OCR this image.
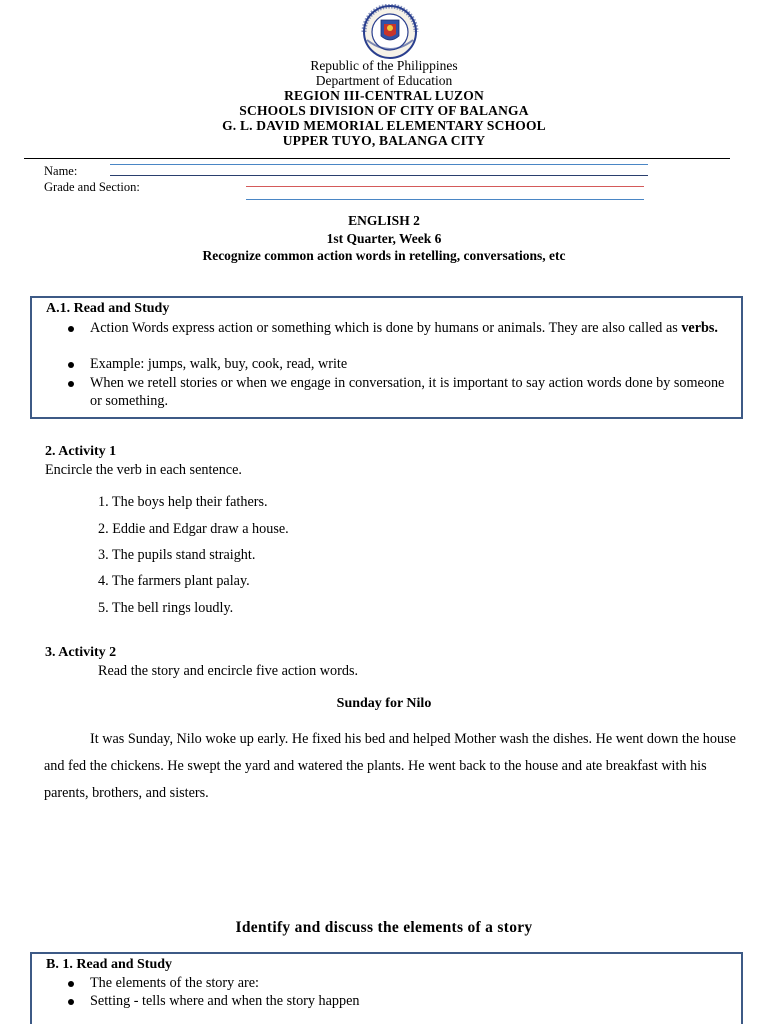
Republic of the Philippines
Department of Education
REGION III-CENTRAL LUZON
SCHOOLS DIVISION OF CITY OF BALANGA
G. L. DAVID MEMORIAL ELEMENTARY SCHOOL
UPPER TUYO, BALANGA CITY
Name:
Grade and Section:
ENGLISH 2
1st Quarter, Week 6
Recognize common action words in retelling, conversations, etc
A.1. Read and Study
Action Words express action or something which is done by humans or animals. They are also called as verbs.
Example: jumps, walk, buy, cook, read, write
When we retell stories or when we engage in conversation, it is important to say action words done by someone or something.
2. Activity 1
Encircle the verb in each sentence.
1. The boys help their fathers.
2. Eddie and Edgar draw a house.
3. The pupils stand straight.
4. The farmers plant palay.
5. The bell rings loudly.
3. Activity 2
Read the story and encircle five action words.
Sunday for Nilo
It was Sunday, Nilo woke up early. He fixed his bed and helped Mother wash the dishes. He went down the house and fed the chickens. He swept the yard and watered the plants. He went back to the house and ate breakfast with his parents, brothers, and sisters.
Identify and discuss the elements of a story
B. 1. Read and Study
The elements of the story are:
Setting - tells where and when the story happen
